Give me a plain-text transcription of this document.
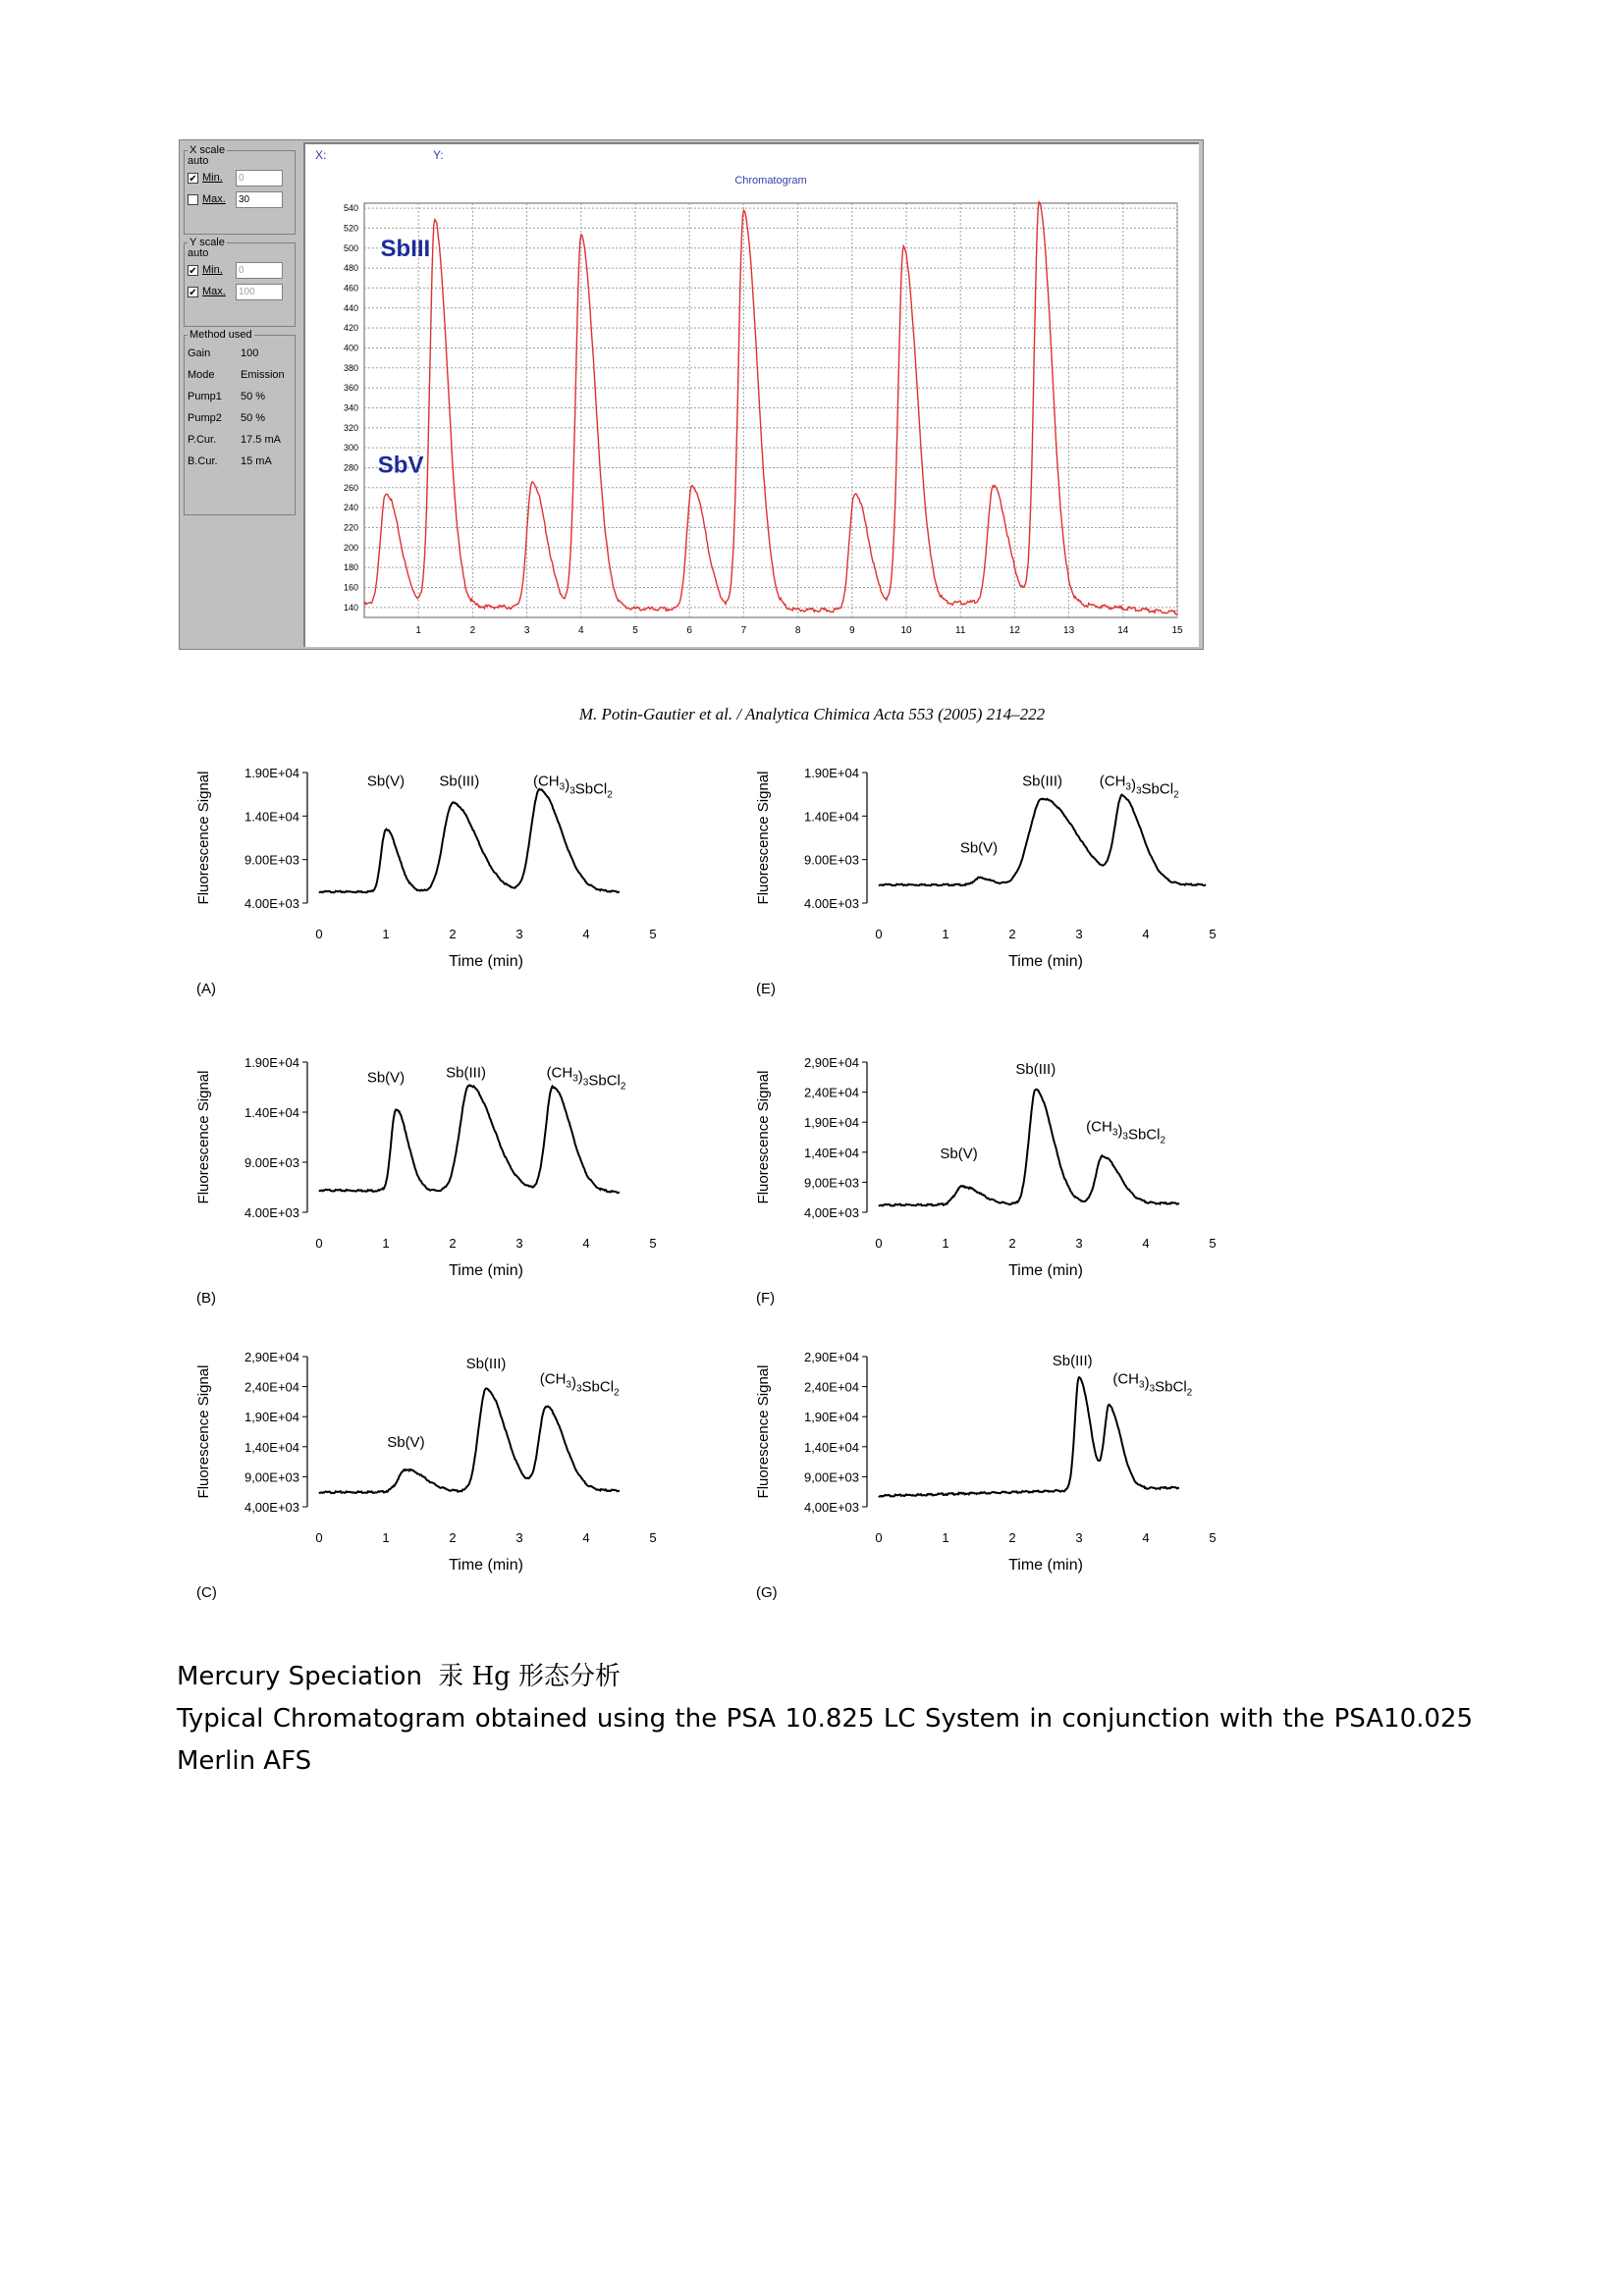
X scale
auto
✔ Min.
0
Max.
30
Y scale
auto
✔ Min.
0
✔ Max.
100
Method used
Gain	100
Mode	Emission
Pump1	50 %
Pump2	50 %
P.Cur.	17.5 mA
B.Cur.	15 mA
X:	Y:
Chromatogram
140
160
180
200
220
240
260
280
300
320
340
360
380
400
420
440
460
480
500
520
540
1	2	3	4	5	6	7	8	9	10	11	12	13	14	15
SbIII
SbV
M. Potin-Gautier et al. / Analytica Chimica Acta 553 (2005) 214–222
4.00E+03
9.00E+03
1.40E+04
1.90E+04
0	1	2	3	4	5
Time (min)
Fluorescence Signal
(A)
Sb(V) Sb(III)	$(CH_3)_3SbCl_2$
4.00E+03
9.00E+03
1.40E+04
1.90E+04
0	1	2	3	4	5
Time (min)
Fluorescence Signal
(E)
Sb(V)
Sb(III)	$(CH_3)_3SbCl_2$
4.00E+03
9.00E+03
1.40E+04
1.90E+04
0	1	2	3	4	5
Time (min)
Fluorescence Signal
(B)
Sb(V)	Sb(III)	$(CH_3)_3SbCl_2$
4,00E+03
9,00E+03
1,40E+04
1,90E+04
2,40E+04
2,90E+04
0	1	2	3	4	5
Time (min)
Fluorescence Signal
(F)
Sb(V)
Sb(III)
$(CH_3)_3SbCl_2$
4,00E+03
9,00E+03
1,40E+04
1,90E+04
2,40E+04
2,90E+04
0	1	2	3	4	5
Time (min)
Fluorescence Signal
(C)
Sb(V)
Sb(III)
$(CH_3)_3SbCl_2$
4,00E+03
9,00E+03
1,40E+04
1,90E+04
2,40E+04
2,90E+04
0	1	2	3	4	5
Time (min)
Fluorescence Signal
(G)
Sb(III)
$(CH_3)_3SbCl_2$
Mercury Speciation 汞 Hg 形态分析
Typical Chromatogram obtained using the PSA 10.825 LC System in conjunction with the PSA10.025 Merlin AFS
